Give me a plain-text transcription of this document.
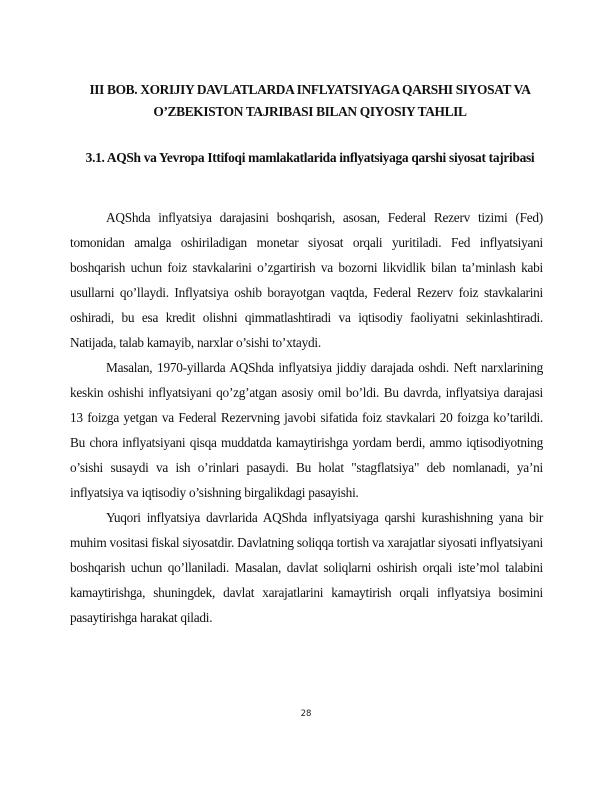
III BOB. XORIJIY DAVLATLARDA INFLYATSIYAGA QARSHI SIYOSAT VA O’ZBEKISTON TAJRIBASI BILAN QIYOSIY TAHLIL
3.1. AQSh va Yevropa Ittifoqi mamlakatlarida inflyatsiyaga qarshi siyosat tajribasi

AQShda inflyatsiya darajasini boshqarish, asosan, Federal Rezerv tizimi (Fed) tomonidan amalga oshiriladigan monetar siyosat orqali yuritiladi. Fed inflyatsiyani boshqarish uchun foiz stavkalarini o’zgartirish va bozorni likvidlik bilan ta’minlash kabi usullarni qo’llaydi. Inflyatsiya oshib borayotgan vaqtda, Federal Rezerv foiz stavkalarini oshiradi, bu esa kredit olishni qimmatlashtiradi va iqtisodiy faoliyatni sekinlashtiradi. Natijada, talab kamayib, narxlar o’sishi to’xtaydi.

Masalan, 1970-yillarda AQShda inflyatsiya jiddiy darajada oshdi. Neft narxlarining keskin oshishi inflyatsiyani qo’zg’atgan asosiy omil bo’ldi. Bu davrda, inflyatsiya darajasi 13 foizga yetgan va Federal Rezervning javobi sifatida foiz stavkalari 20 foizga ko’tarildi. Bu chora inflyatsiyani qisqa muddatda kamaytirishga yordam berdi, ammo iqtisodiyotning o’sishi susaydi va ish o’rinlari pasaydi. Bu holat "stagflatsiya" deb nomlanadi, ya’ni inflyatsiya va iqtisodiy o’sishning birgalikdagi pasayishi.

Yuqori inflyatsiya davrlarida AQShda inflyatsiyaga qarshi kurashishning yana bir muhim vositasi fiskal siyosatdir. Davlatning soliqqa tortish va xarajatlar siyosati inflyatsiyani boshqarish uchun qo’llaniladi. Masalan, davlat soliqlarni oshirish orqali iste’mol talabini kamaytirishga, shuningdek, davlat xarajatlarini kamaytirish orqali inflyatsiya bosimini pasaytirishga harakat qiladi.

28
